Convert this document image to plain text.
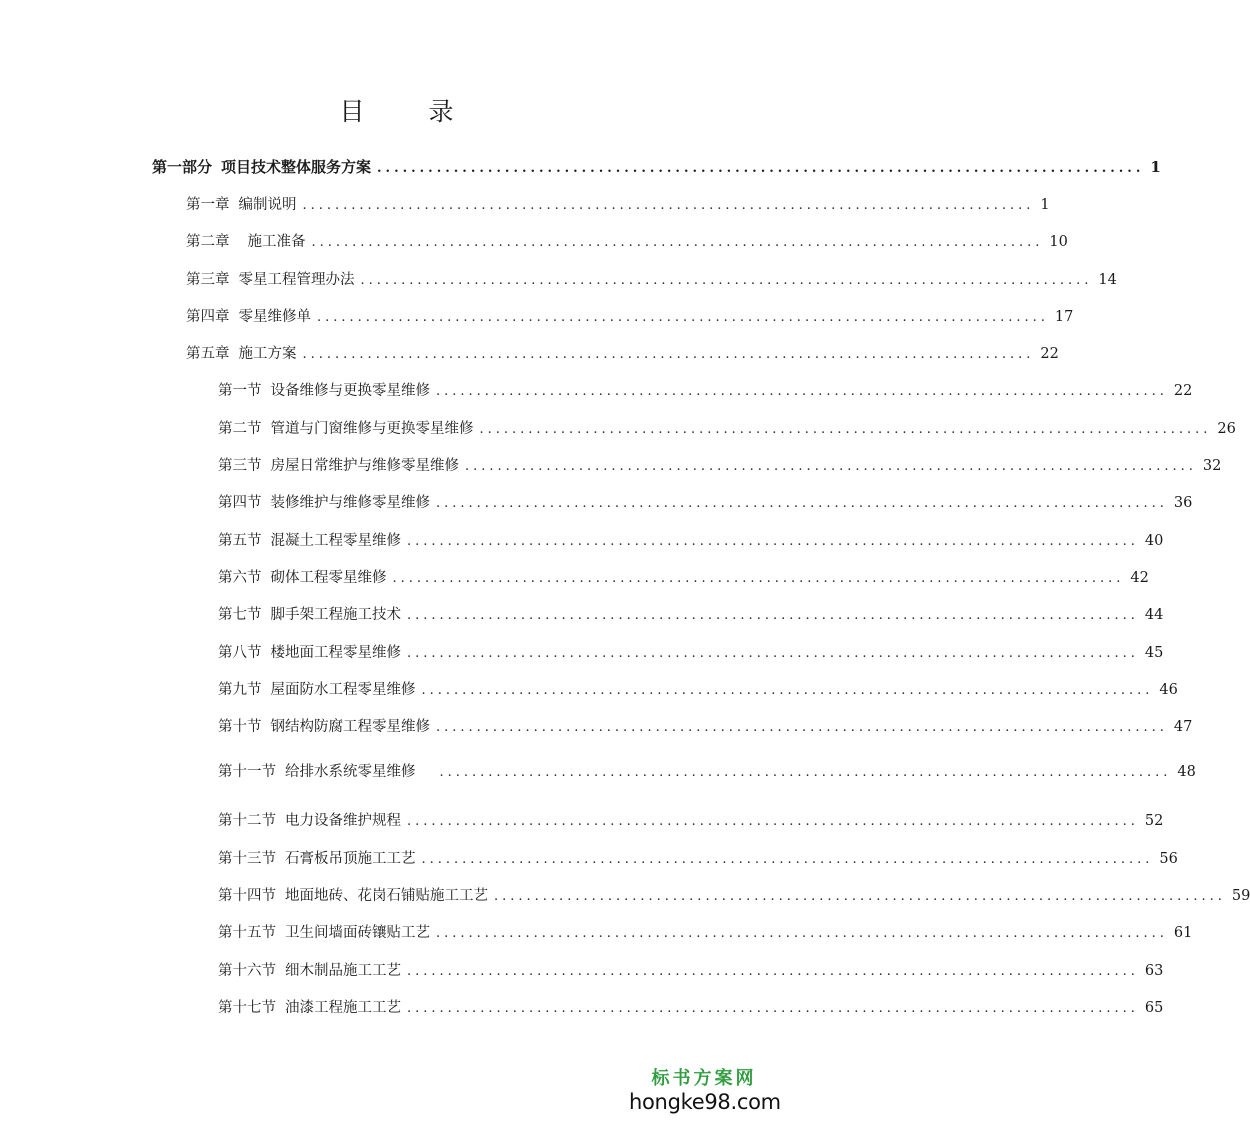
目 录
第一部分 项目技术整体服务方案 .......................................................................................... 1
第一章 编制说明 .......................................................................................... 1
第二章 施工准备 .......................................................................................... 10
第三章 零星工程管理办法 .......................................................................................... 14
第四章 零星维修单 .......................................................................................... 17
第五章 施工方案 .......................................................................................... 22
第一节 设备维修与更换零星维修 .......................................................................................... 22
第二节 管道与门窗维修与更换零星维修 .......................................................................................... 26
第三节 房屋日常维护与维修零星维修 .......................................................................................... 32
第四节 装修维护与维修零星维修 .......................................................................................... 36
第五节 混凝土工程零星维修 .......................................................................................... 40
第六节 砌体工程零星维修 .......................................................................................... 42
第七节 脚手架工程施工技术 .......................................................................................... 44
第八节 楼地面工程零星维修 .......................................................................................... 45
第九节 屋面防水工程零星维修 .......................................................................................... 46
第十节 钢结构防腐工程零星维修 .......................................................................................... 47
第十一节 给排水系统零星维修 .......................................................................................... 48
第十二节 电力设备维护规程 .......................................................................................... 52
第十三节 石膏板吊顶施工工艺 .......................................................................................... 56
第十四节 地面地砖、花岗石铺贴施工工艺 .......................................................................................... 59
第十五节 卫生间墙面砖镶贴工艺 .......................................................................................... 61
第十六节 细木制品施工工艺 .......................................................................................... 63
第十七节 油漆工程施工工艺 .......................................................................................... 65
标书方案网
hongke98.com
